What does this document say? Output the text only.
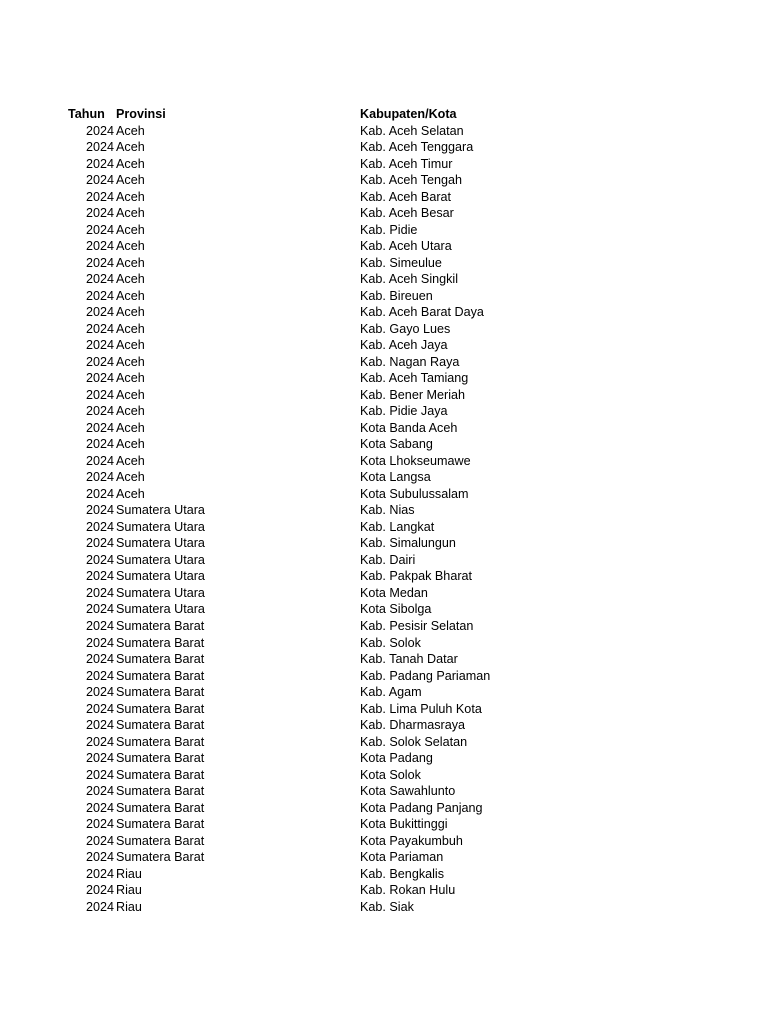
Tahun Provinsi	Kabupaten/Kota
2024 Aceh	Kab. Aceh Selatan
2024 Aceh	Kab. Aceh Tenggara
2024 Aceh	Kab. Aceh Timur
2024 Aceh	Kab. Aceh Tengah
2024 Aceh	Kab. Aceh Barat
2024 Aceh	Kab. Aceh Besar
2024 Aceh	Kab. Pidie
2024 Aceh	Kab. Aceh Utara
2024 Aceh	Kab. Simeulue
2024 Aceh	Kab. Aceh Singkil
2024 Aceh	Kab. Bireuen
2024 Aceh	Kab. Aceh Barat Daya
2024 Aceh	Kab. Gayo Lues
2024 Aceh	Kab. Aceh Jaya
2024 Aceh	Kab. Nagan Raya
2024 Aceh	Kab. Aceh Tamiang
2024 Aceh	Kab. Bener Meriah
2024 Aceh	Kab. Pidie Jaya
2024 Aceh	Kota Banda Aceh
2024 Aceh	Kota Sabang
2024 Aceh	Kota Lhokseumawe
2024 Aceh	Kota Langsa
2024 Aceh	Kota Subulussalam
2024 Sumatera Utara	Kab. Nias
2024 Sumatera Utara	Kab. Langkat
2024 Sumatera Utara	Kab. Simalungun
2024 Sumatera Utara	Kab. Dairi
2024 Sumatera Utara	Kab. Pakpak Bharat
2024 Sumatera Utara	Kota Medan
2024 Sumatera Utara	Kota Sibolga
2024 Sumatera Barat	Kab. Pesisir Selatan
2024 Sumatera Barat	Kab. Solok
2024 Sumatera Barat	Kab. Tanah Datar
2024 Sumatera Barat	Kab. Padang Pariaman
2024 Sumatera Barat	Kab. Agam
2024 Sumatera Barat	Kab. Lima Puluh Kota
2024 Sumatera Barat	Kab. Dharmasraya
2024 Sumatera Barat	Kab. Solok Selatan
2024 Sumatera Barat	Kota Padang
2024 Sumatera Barat	Kota Solok
2024 Sumatera Barat	Kota Sawahlunto
2024 Sumatera Barat	Kota Padang Panjang
2024 Sumatera Barat	Kota Bukittinggi
2024 Sumatera Barat	Kota Payakumbuh
2024 Sumatera Barat	Kota Pariaman
2024 Riau	Kab. Bengkalis
2024 Riau	Kab. Rokan Hulu
2024 Riau	Kab. Siak
